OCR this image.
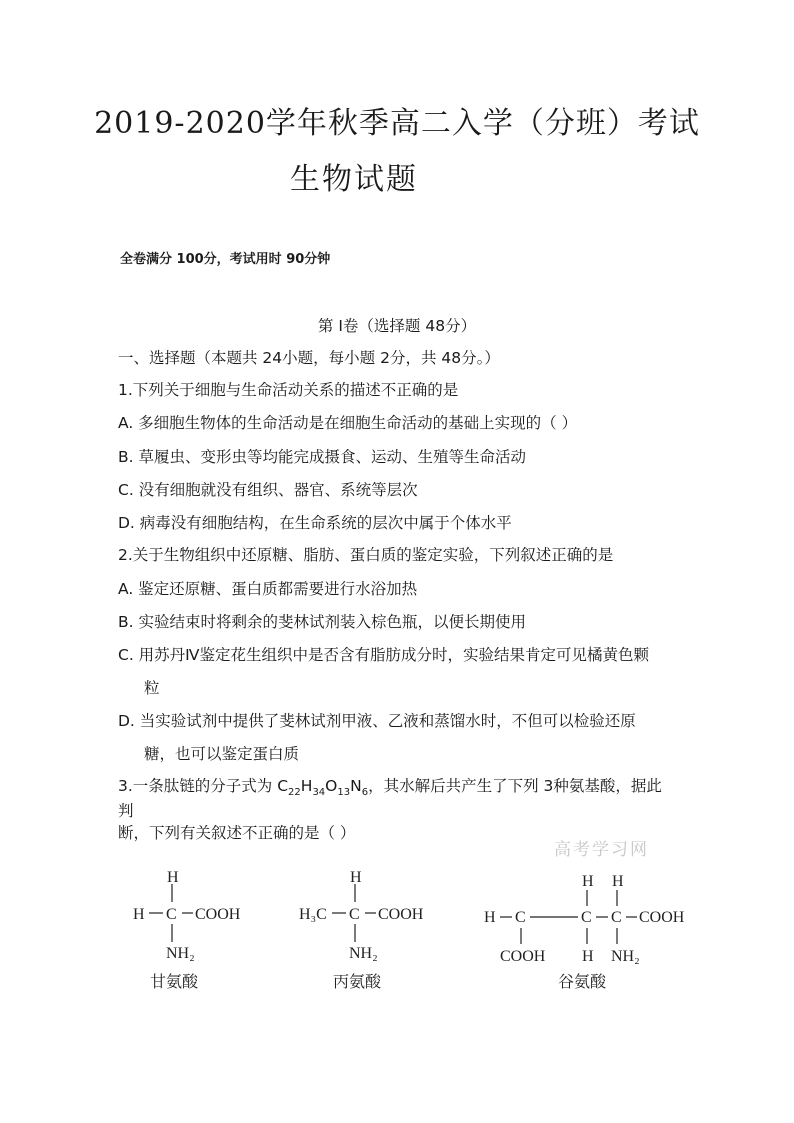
2019-2020学年秋季高二入学（分班）考试
生物试题
全卷满分 100分，考试用时 90分钟
第 I卷（选择题 48分）
一、选择题（本题共 24小题，每小题 2分，共 48分。）
1.下列关于细胞与生命活动关系的描述不正确的是
A. 多细胞生物体的生命活动是在细胞生命活动的基础上实现的（ ）
B. 草履虫、变形虫等均能完成摄食、运动、生殖等生命活动
C. 没有细胞就没有组织、器官、系统等层次
D. 病毒没有细胞结构，在生命系统的层次中属于个体水平
2.关于生物组织中还原糖、脂肪、蛋白质的鉴定实验，下列叙述正确的是
A. 鉴定还原糖、蛋白质都需要进行水浴加热
B. 实验结束时将剩余的斐林试剂装入棕色瓶，以便长期使用
C. 用苏丹Ⅳ鉴定花生组织中是否含有脂肪成分时，实验结果肯定可见橘黄色颗
粒
D. 当实验试剂中提供了斐林试剂甲液、乙液和蒸馏水时，不但可以检验还原
糖，也可以鉴定蛋白质
3.一条肽链的分子式为 $C_{22}H_{34}O_{13}N_6$，其水解后共产生了下列 3种氨基酸，据此
判
断，下列有关叙述不正确的是（ ）
高考学习网
H
H C COOH
NH₂
甘氨酸
H
H₃C C COOH
NH₂
丙氨酸
H C
COOH
H H
C C COOH
H NH₂
谷氨酸
